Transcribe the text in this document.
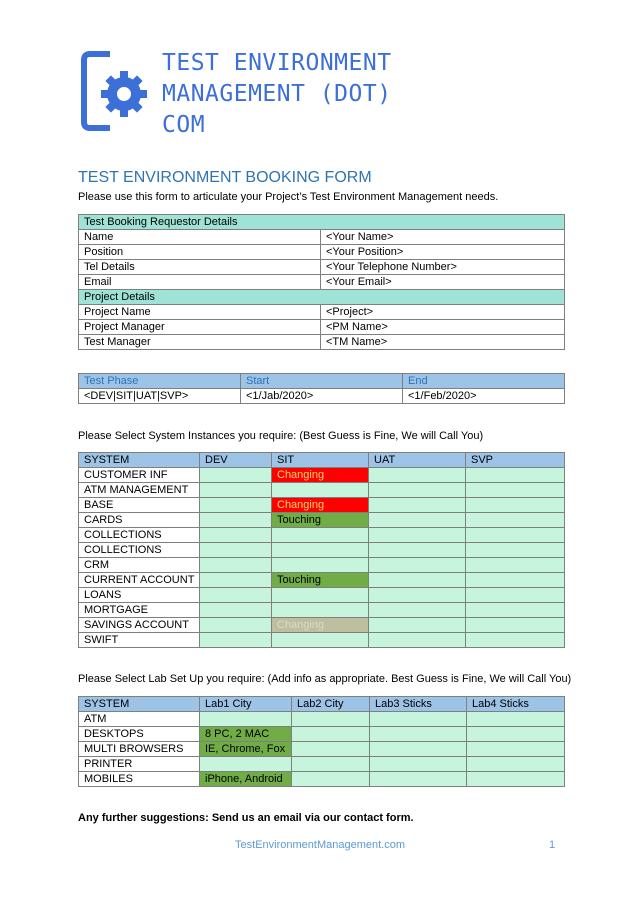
TEST ENVIRONMENT
MANAGEMENT (DOT)
COM
TEST ENVIRONMENT BOOKING FORM
Please use this form to articulate your Project’s Test Environment Management needs.
Test Booking Requestor Details	
Name	<Your Name>
Position	<Your Position>
Tel Details	<Your Telephone Number>
Email	<Your Email>
Project Details	
Project Name	<Project>
Project Manager	<PM Name>
Test Manager	<TM Name>
Test Phase	Start	End
<DEV|SIT|UAT|SVP>	<1/Jab/2020>	<1/Feb/2020>
Please Select System Instances you require: (Best Guess is Fine, We will Call You)
SYSTEM	DEV	SIT	UAT	SVP
CUSTOMER INF		Changing		
ATM MANAGEMENT				
BASE		Changing		
CARDS		Touching		
COLLECTIONS				
COLLECTIONS				
CRM				
CURRENT ACCOUNT		Touching		
LOANS				
MORTGAGE				
SAVINGS ACCOUNT		Changing		
SWIFT				
Please Select Lab Set Up you require: (Add info as appropriate. Best Guess is Fine, We will Call You)
SYSTEM	Lab1 City	Lab2 City	Lab3 Sticks	Lab4 Sticks
ATM				
DESKTOPS	8 PC, 2 MAC			
MULTI BROWSERS	IE, Chrome, Fox			
PRINTER				
MOBILES	iPhone, Android			
Any further suggestions: Send us an email via our contact form.
TestEnvironmentManagement.com	1
